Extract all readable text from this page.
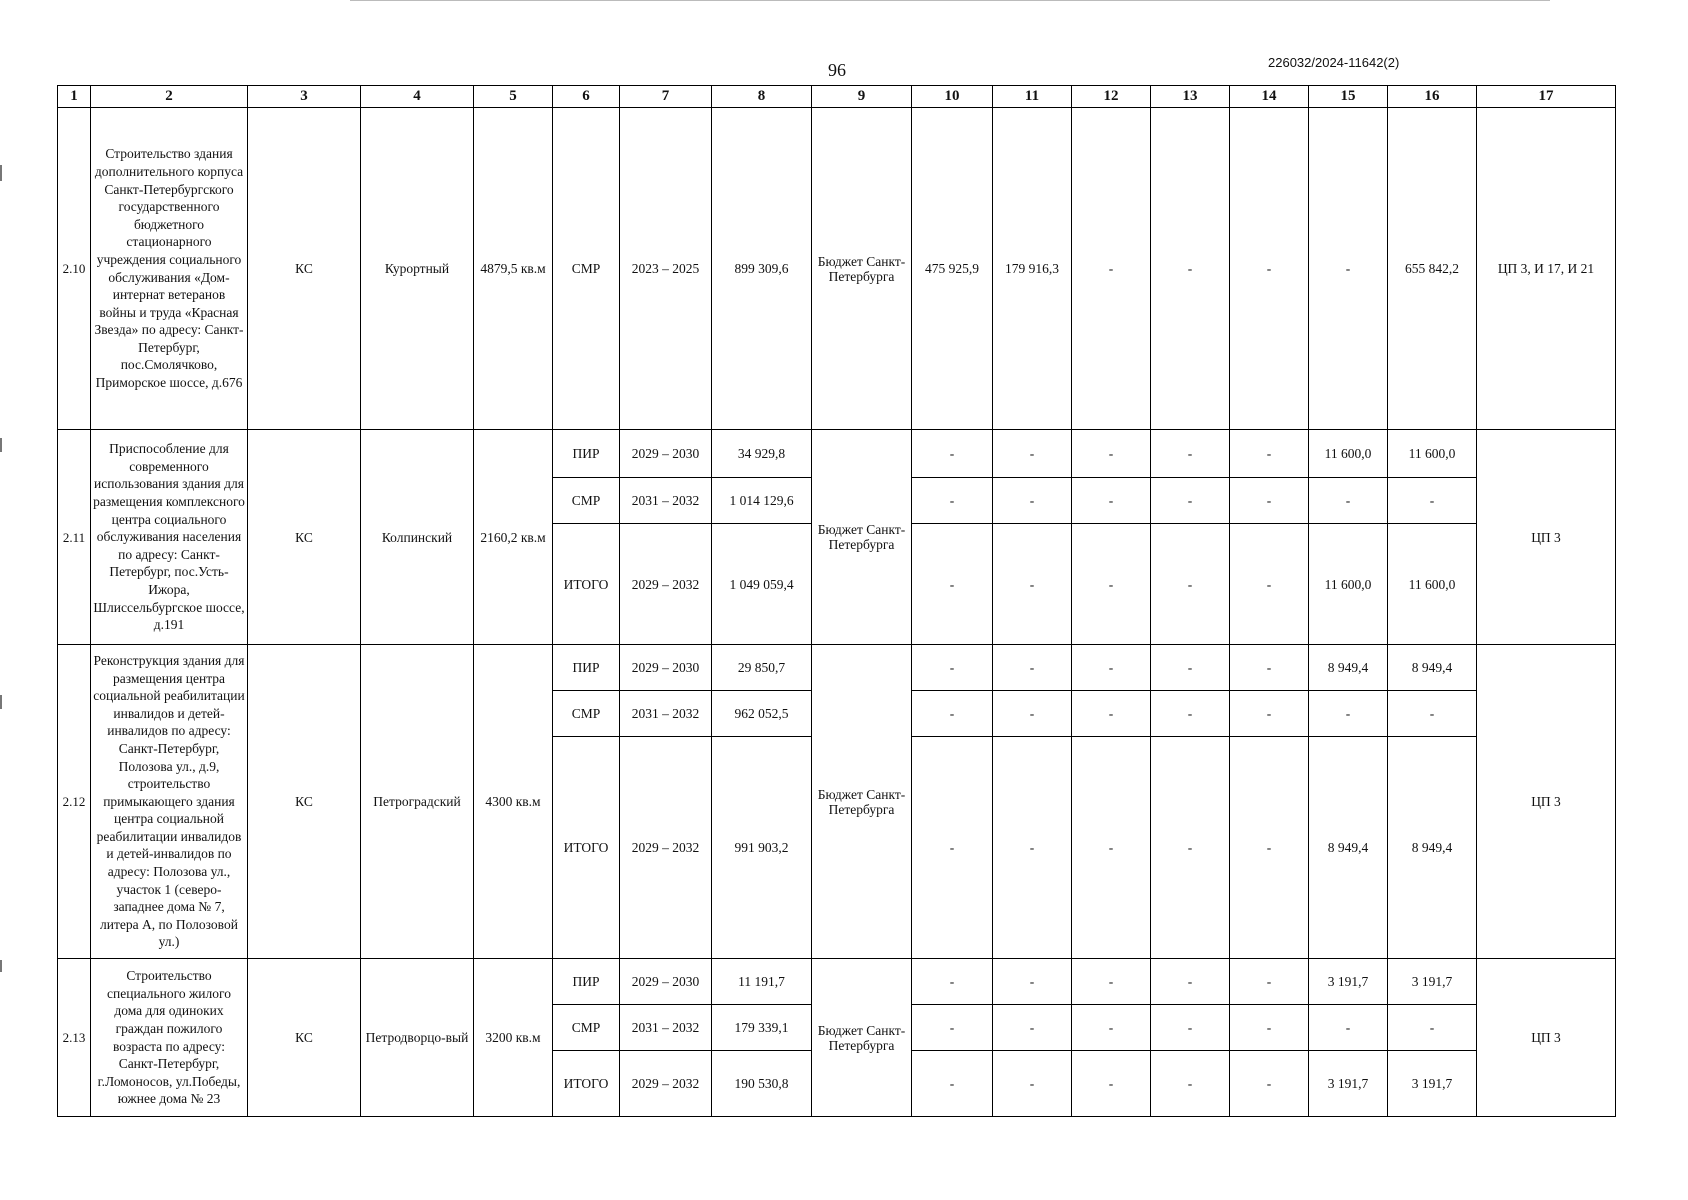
96	226032/2024-11642(2)
1	2	3	4	5	6	7	8	9	10	11	12	13	14	15	16	17
2.10	Строительство здания дополнительного корпуса Санкт-Петербургского государственного бюджетного стационарного учреждения социального обслуживания «Дом-интернат ветеранов войны и труда «Красная Звезда» по адресу: Санкт-Петербург, пос.Смолячково, Приморское шоссе, д.676	КС	Курортный	4879,5 кв.м	СМР	2023 – 2025	899 309,6	Бюджет Санкт-Петербурга	475 925,9	179 916,3	-	-	-	-	655 842,2	ЦП 3, И 17, И 21
2.11	Приспособление для современного использования здания для размещения комплексного центра социального обслуживания населения по адресу: Санкт-Петербург, пос.Усть-Ижора, Шлиссельбургское шоссе, д.191	КС	Колпинский	2160,2 кв.м	ПИР	2029 – 2030	34 929,8	Бюджет Санкт-Петербурга	-	-	-	-	-	11 600,0	11 600,0	ЦП 3
					СМР	2031 – 2032	1 014 129,6		-	-	-	-	-	-	-	
					ИТОГО	2029 – 2032	1 049 059,4		-	-	-	-	-	11 600,0	11 600,0	
2.12	Реконструкция здания для размещения центра социальной реабилитации инвалидов и детей-инвалидов по адресу: Санкт-Петербург, Полозова ул., д.9, строительство примыкающего здания центра социальной реабилитации инвалидов и детей-инвалидов по адресу: Полозова ул., участок 1 (северо-западнее дома № 7, литера А, по Полозовой ул.)	КС	Петроградский	4300 кв.м	ПИР	2029 – 2030	29 850,7	Бюджет Санкт-Петербурга	-	-	-	-	-	8 949,4	8 949,4	ЦП 3
					СМР	2031 – 2032	962 052,5		-	-	-	-	-	-	-	
					ИТОГО	2029 – 2032	991 903,2		-	-	-	-	-	8 949,4	8 949,4	
2.13	Строительство специального жилого дома для одиноких граждан пожилого возраста по адресу: Санкт-Петербург, г.Ломоносов, ул.Победы, южнее дома № 23	КС	Петродворцо-вый	3200 кв.м	ПИР	2029 – 2030	11 191,7	Бюджет Санкт-Петербурга	-	-	-	-	-	3 191,7	3 191,7	ЦП 3
					СМР	2031 – 2032	179 339,1		-	-	-	-	-	-	-	
					ИТОГО	2029 – 2032	190 530,8		-	-	-	-	-	3 191,7	3 191,7	
